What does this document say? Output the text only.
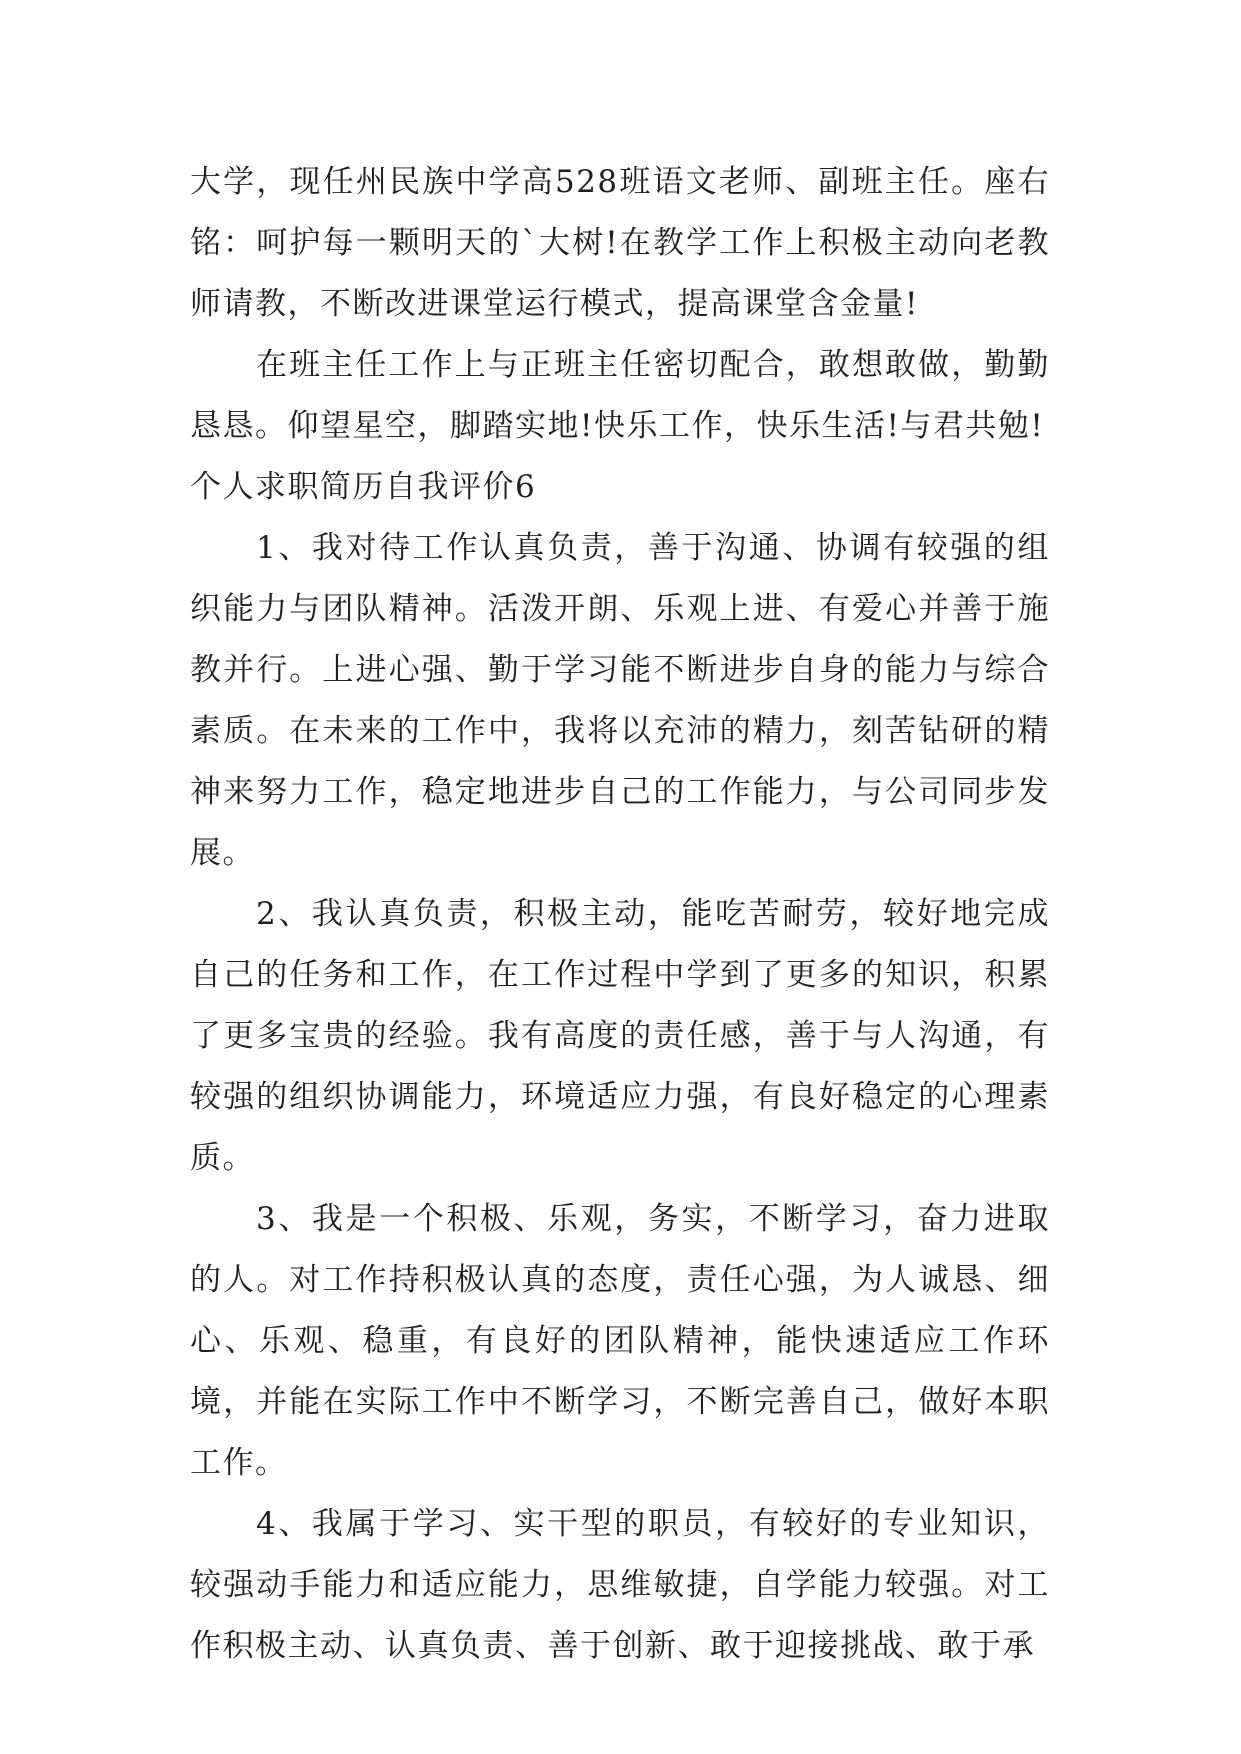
大学，现任州民族中学高528班语文老师、副班主任。座右铭：呵护每一颗明天的`大树!在教学工作上积极主动向老教师请教，不断改进课堂运行模式，提高课堂含金量!

在班主任工作上与正班主任密切配合，敢想敢做，勤勤恳恳。仰望星空，脚踏实地!快乐工作，快乐生活!与君共勉!

个人求职简历自我评价6

1、我对待工作认真负责，善于沟通、协调有较强的组织能力与团队精神。活泼开朗、乐观上进、有爱心并善于施教并行。上进心强、勤于学习能不断进步自身的能力与综合素质。在未来的工作中，我将以充沛的精力，刻苦钻研的精神来努力工作，稳定地进步自己的工作能力，与公司同步发展。

2、我认真负责，积极主动，能吃苦耐劳，较好地完成自己的任务和工作，在工作过程中学到了更多的知识，积累了更多宝贵的经验。我有高度的责任感，善于与人沟通，有较强的组织协调能力，环境适应力强，有良好稳定的心理素质。

3、我是一个积极、乐观，务实，不断学习，奋力进取的人。对工作持积极认真的态度，责任心强，为人诚恳、细心、乐观、稳重，有良好的团队精神，能快速适应工作环境，并能在实际工作中不断学习，不断完善自己，做好本职工作。

4、我属于学习、实干型的职员，有较好的专业知识，较强动手能力和适应能力，思维敏捷，自学能力较强。对工作积极主动、认真负责、善于创新、敢于迎接挑战、敢于承
